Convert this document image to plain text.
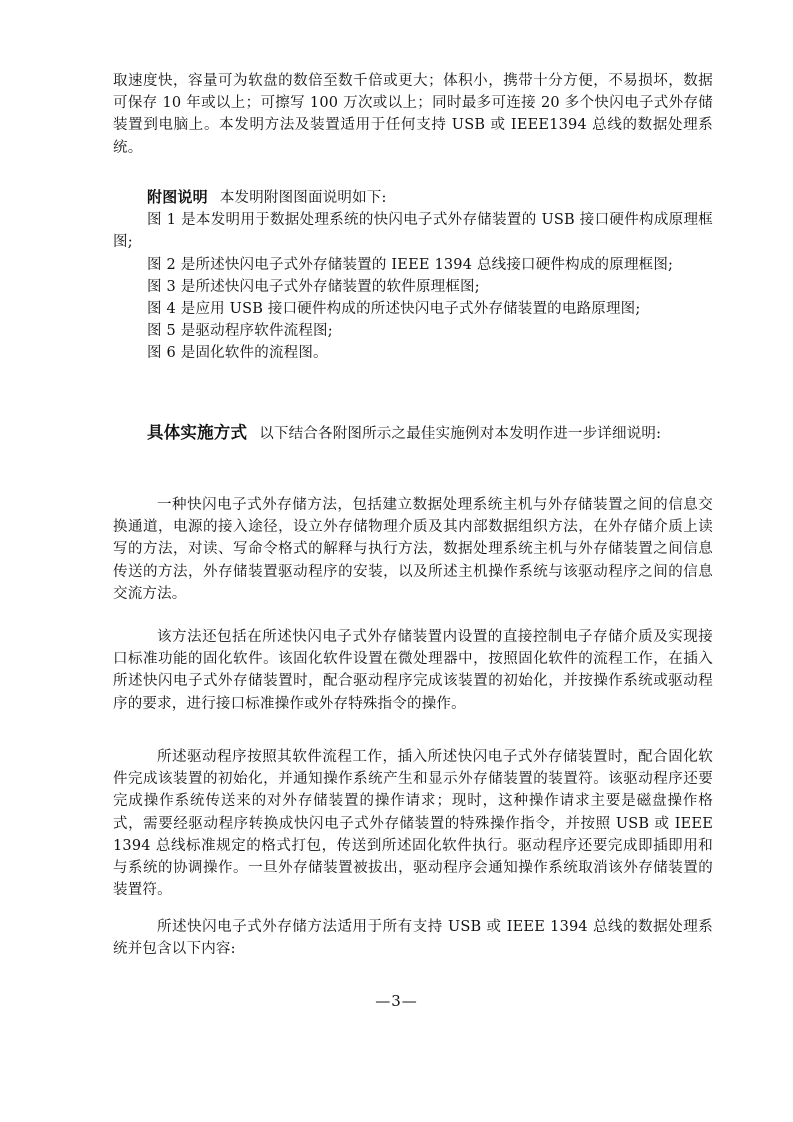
取速度快，容量可为软盘的数倍至数千倍或更大；体积小，携带十分方便，不易损坏，数据可保存 10 年或以上；可擦写 100 万次或以上；同时最多可连接 20 多个快闪电子式外存储装置到电脑上。本发明方法及装置适用于任何支持 USB 或 IEEE1394 总线的数据处理系统。
附图说明 本发明附图图面说明如下:
图 1 是本发明用于数据处理系统的快闪电子式外存储装置的 USB 接口硬件构成原理框图;
图 2 是所述快闪电子式外存储装置的 IEEE 1394 总线接口硬件构成的原理框图;
图 3 是所述快闪电子式外存储装置的软件原理框图;
图 4 是应用 USB 接口硬件构成的所述快闪电子式外存储装置的电路原理图;
图 5 是驱动程序软件流程图;
图 6 是固化软件的流程图。
具体实施方式 以下结合各附图所示之最佳实施例对本发明作进一步详细说明:
一种快闪电子式外存储方法，包括建立数据处理系统主机与外存储装置之间的信息交换通道，电源的接入途径，设立外存储物理介质及其内部数据组织方法，在外存储介质上读写的方法，对读、写命令格式的解释与执行方法，数据处理系统主机与外存储装置之间信息传送的方法，外存储装置驱动程序的安装，以及所述主机操作系统与该驱动程序之间的信息交流方法。
该方法还包括在所述快闪电子式外存储装置内设置的直接控制电子存储介质及实现接口标准功能的固化软件。该固化软件设置在微处理器中，按照固化软件的流程工作，在插入所述快闪电子式外存储装置时，配合驱动程序完成该装置的初始化，并按操作系统或驱动程序的要求，进行接口标准操作或外存特殊指令的操作。
所述驱动程序按照其软件流程工作，插入所述快闪电子式外存储装置时，配合固化软件完成该装置的初始化，并通知操作系统产生和显示外存储装置的装置符。该驱动程序还要完成操作系统传送来的对外存储装置的操作请求；现时，这种操作请求主要是磁盘操作格式，需要经驱动程序转换成快闪电子式外存储装置的特殊操作指令，并按照 USB 或 IEEE 1394 总线标准规定的格式打包，传送到所述固化软件执行。驱动程序还要完成即插即用和与系统的协调操作。一旦外存储装置被拔出，驱动程序会通知操作系统取消该外存储装置的装置符。
所述快闪电子式外存储方法适用于所有支持 USB 或 IEEE 1394 总线的数据处理系统并包含以下内容:
—3—
